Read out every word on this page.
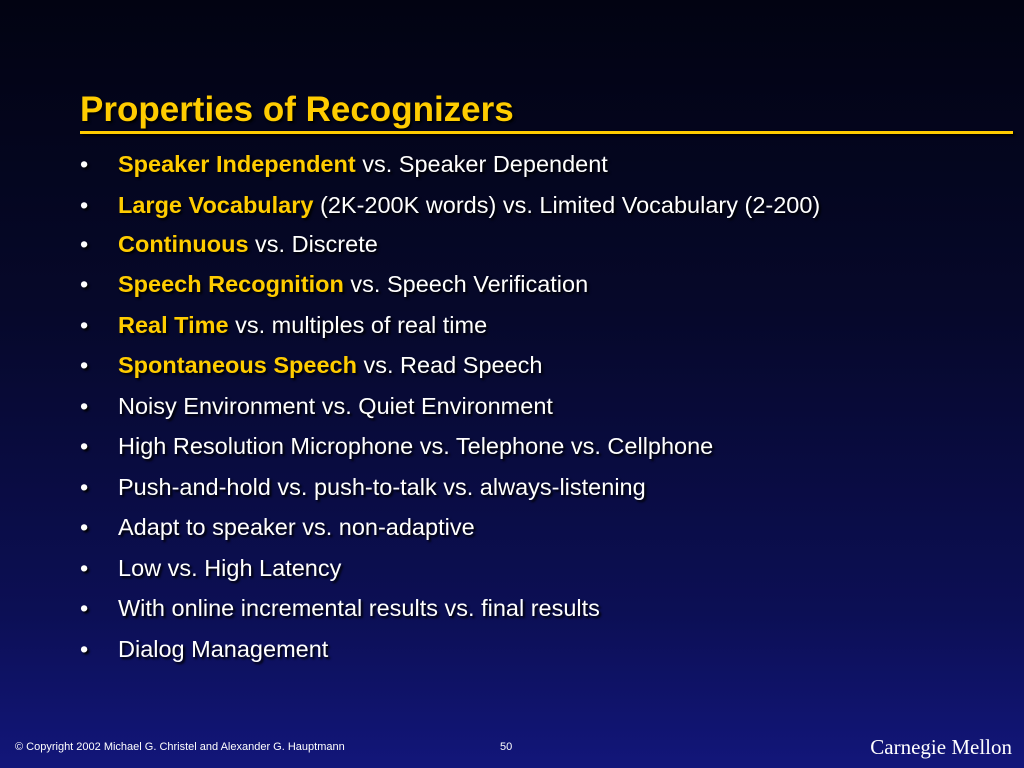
Properties of Recognizers
• Speaker Independent vs. Speaker Dependent
• Large Vocabulary (2K-200K words) vs. Limited Vocabulary (2-200)
• Continuous vs. Discrete
• Speech Recognition vs. Speech Verification
• Real Time vs. multiples of real time
• Spontaneous Speech vs. Read Speech
• Noisy Environment vs. Quiet Environment
• High Resolution Microphone vs. Telephone vs. Cellphone
• Push-and-hold vs. push-to-talk vs. always-listening
• Adapt to speaker vs. non-adaptive
• Low vs. High Latency
• With online incremental results vs. final results
• Dialog Management
© Copyright 2002 Michael G. Christel and Alexander G. Hauptmann	50	Carnegie Mellon
